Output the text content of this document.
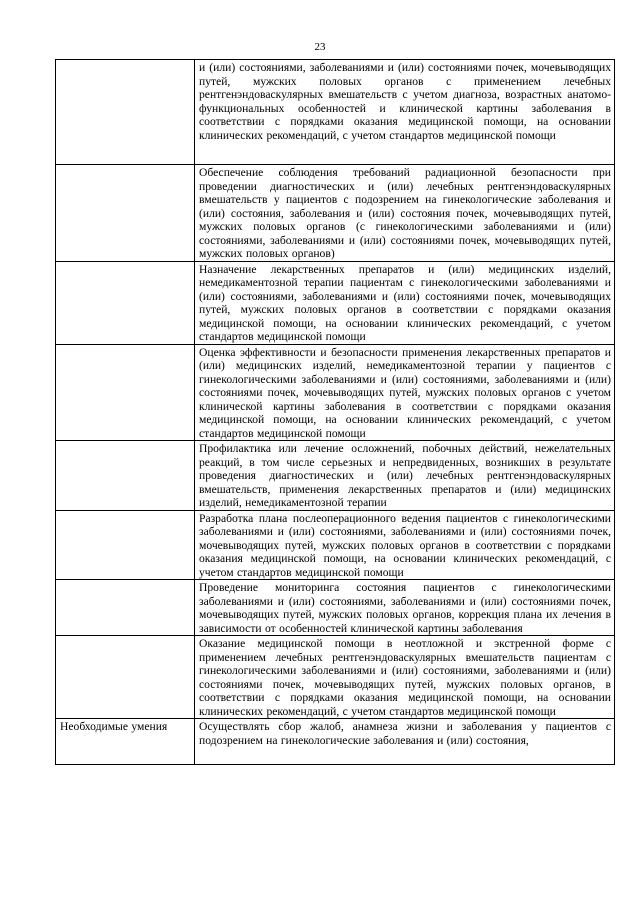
23
	и (или) состояниями, заболеваниями и (или) состояниями почек, мочевыводящих путей, мужских половых органов с применением лечебных рентгенэндоваскулярных вмешательств с учетом диагноза, возрастных анатомо-функциональных особенностей и клинической картины заболевания в соответствии с порядками оказания медицинской помощи, на основании клинических рекомендаций, с учетом стандартов медицинской помощи
	Обеспечение соблюдения требований радиационной безопасности при проведении диагностических и (или) лечебных рентгенэндоваскулярных вмешательств у пациентов с подозрением на гинекологические заболевания и (или) состояния, заболевания и (или) состояния почек, мочевыводящих путей, мужских половых органов (с гинекологическими заболеваниями и (или) состояниями, заболеваниями и (или) состояниями почек, мочевыводящих путей, мужских половых органов)
	Назначение лекарственных препаратов и (или) медицинских изделий, немедикаментозной терапии пациентам с гинекологическими заболеваниями и (или) состояниями, заболеваниями и (или) состояниями почек, мочевыводящих путей, мужских половых органов в соответствии с порядками оказания медицинской помощи, на основании клинических рекомендаций, с учетом стандартов медицинской помощи
	Оценка эффективности и безопасности применения лекарственных препаратов и (или) медицинских изделий, немедикаментозной терапии у пациентов с гинекологическими заболеваниями и (или) состояниями, заболеваниями и (или) состояниями почек, мочевыводящих путей, мужских половых органов с учетом клинической картины заболевания в соответствии с порядками оказания медицинской помощи, на основании клинических рекомендаций, с учетом стандартов медицинской помощи
	Профилактика или лечение осложнений, побочных действий, нежелательных реакций, в том числе серьезных и непредвиденных, возникших в результате проведения диагностических и (или) лечебных рентгенэндоваскулярных вмешательств, применения лекарственных препаратов и (или) медицинских изделий, немедикаментозной терапии
	Разработка плана послеоперационного ведения пациентов с гинекологическими заболеваниями и (или) состояниями, заболеваниями и (или) состояниями почек, мочевыводящих путей, мужских половых органов в соответствии с порядками оказания медицинской помощи, на основании клинических рекомендаций, с учетом стандартов медицинской помощи
	Проведение мониторинга состояния пациентов с гинекологическими заболеваниями и (или) состояниями, заболеваниями и (или) состояниями почек, мочевыводящих путей, мужских половых органов, коррекция плана их лечения в зависимости от особенностей клинической картины заболевания
	Оказание медицинской помощи в неотложной и экстренной форме с применением лечебных рентгенэндоваскулярных вмешательств пациентам с гинекологическими заболеваниями и (или) состояниями, заболеваниями и (или) состояниями почек, мочевыводящих путей, мужских половых органов, в соответствии с порядками оказания медицинской помощи, на основании клинических рекомендаций, с учетом стандартов медицинской помощи
Необходимые умения	Осуществлять сбор жалоб, анамнеза жизни и заболевания у пациентов с подозрением на гинекологические заболевания и (или) состояния,
